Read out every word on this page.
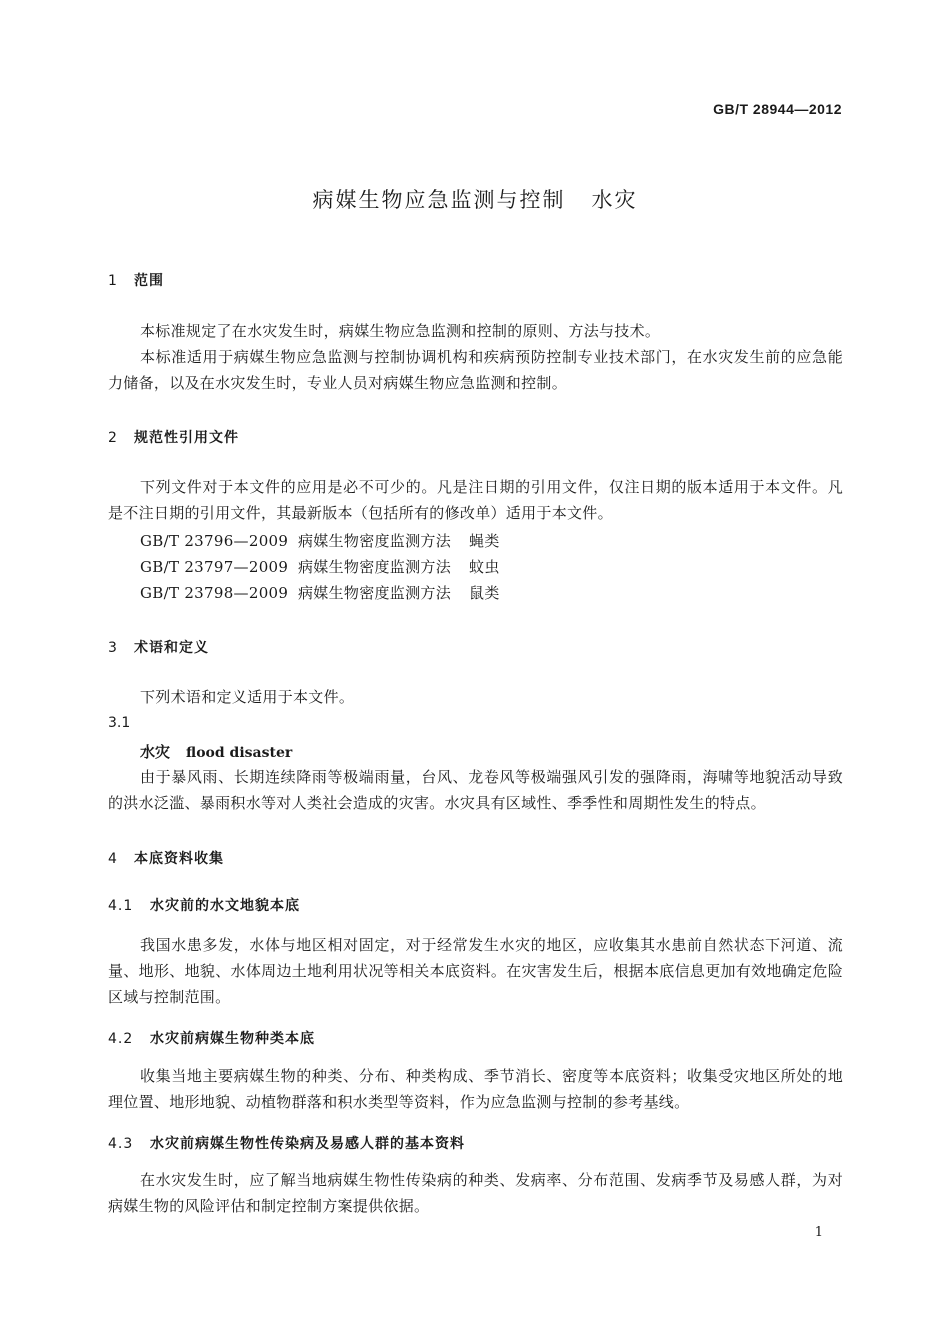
GB/T 28944—2012
病媒生物应急监测与控制 水灾
1 范围
本标准规定了在水灾发生时，病媒生物应急监测和控制的原则、方法与技术。
本标准适用于病媒生物应急监测与控制协调机构和疾病预防控制专业技术部门，在水灾发生前的应急能力储备，以及在水灾发生时，专业人员对病媒生物应急监测和控制。
2 规范性引用文件
下列文件对于本文件的应用是必不可少的。凡是注日期的引用文件，仅注日期的版本适用于本文件。凡是不注日期的引用文件，其最新版本（包括所有的修改单）适用于本文件。
GB/T 23796—2009 病媒生物密度监测方法 蝇类
GB/T 23797—2009 病媒生物密度监测方法 蚊虫
GB/T 23798—2009 病媒生物密度监测方法 鼠类
3 术语和定义
下列术语和定义适用于本文件。
3.1
水灾 flood disaster
由于暴风雨、长期连续降雨等极端雨量，台风、龙卷风等极端强风引发的强降雨，海啸等地貌活动导致的洪水泛滥、暴雨积水等对人类社会造成的灾害。水灾具有区域性、季季性和周期性发生的特点。
4 本底资料收集
4.1 水灾前的水文地貌本底
我国水患多发，水体与地区相对固定，对于经常发生水灾的地区，应收集其水患前自然状态下河道、流量、地形、地貌、水体周边土地利用状况等相关本底资料。在灾害发生后，根据本底信息更加有效地确定危险区域与控制范围。
4.2 水灾前病媒生物种类本底
收集当地主要病媒生物的种类、分布、种类构成、季节消长、密度等本底资料；收集受灾地区所处的地理位置、地形地貌、动植物群落和积水类型等资料，作为应急监测与控制的参考基线。
4.3 水灾前病媒生物性传染病及易感人群的基本资料
在水灾发生时，应了解当地病媒生物性传染病的种类、发病率、分布范围、发病季节及易感人群，为对病媒生物的风险评估和制定控制方案提供依据。
1
